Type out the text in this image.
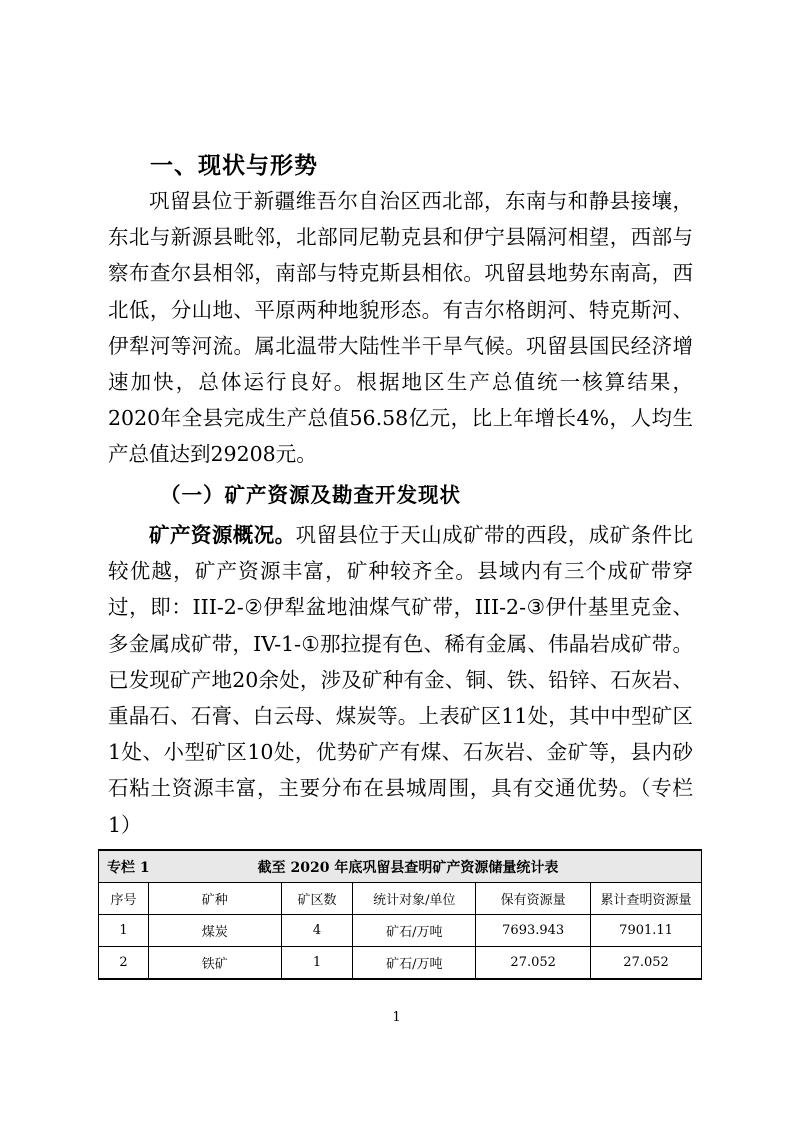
一、现状与形势

巩留县位于新疆维吾尔自治区西北部，东南与和静县接壤，东北与新源县毗邻，北部同尼勒克县和伊宁县隔河相望，西部与察布查尔县相邻，南部与特克斯县相依。巩留县地势东南高，西北低，分山地、平原两种地貌形态。有吉尔格朗河、特克斯河、伊犁河等河流。属北温带大陆性半干旱气候。巩留县国民经济增速加快，总体运行良好。根据地区生产总值统一核算结果，2020年全县完成生产总值56.58亿元，比上年增长4%，人均生产总值达到29208元。

（一）矿产资源及勘查开发现状

矿产资源概况。巩留县位于天山成矿带的西段，成矿条件比较优越，矿产资源丰富，矿种较齐全。县域内有三个成矿带穿过，即：III-2-②伊犁盆地油煤气矿带，III-2-③伊什基里克金、多金属成矿带，IV-1-①那拉提有色、稀有金属、伟晶岩成矿带。已发现矿产地20余处，涉及矿种有金、铜、铁、铅锌、石灰岩、重晶石、石膏、白云母、煤炭等。上表矿区11处，其中中型矿区1处、小型矿区10处，优势矿产有煤、石灰岩、金矿等，县内砂石粘土资源丰富，主要分布在县城周围，具有交通优势。（专栏1）

专栏 1 截至 2020 年底巩留县查明矿产资源储量统计表					
序号	矿种	矿区数	统计对象/单位	保有资源量	累计查明资源量
1	煤炭	4	矿石/万吨	7693.943	7901.11
2	铁矿	1	矿石/万吨	27.052	27.052
1
